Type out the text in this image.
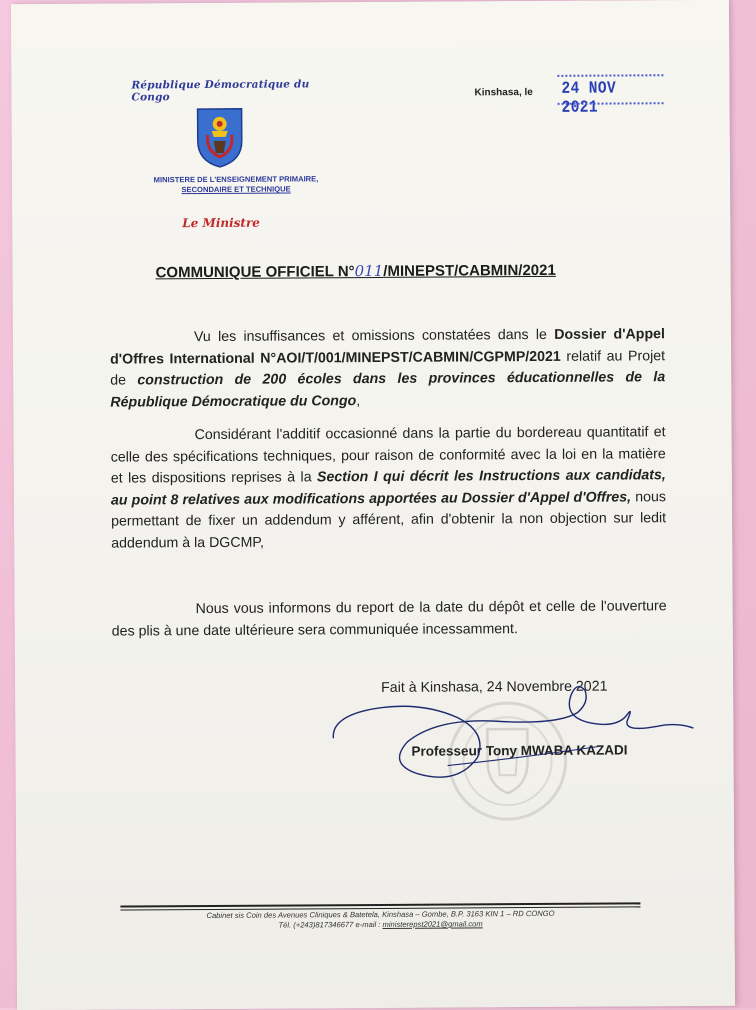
République Démocratique du Congo
MINISTERE DE L'ENSEIGNEMENT PRIMAIRE,
SECONDAIRE ET TECHNIQUE
Le Ministre
Kinshasa, le 24 NOV 2021
COMMUNIQUE OFFICIEL N°011/MINEPST/CABMIN/2021
Vu les insuffisances et omissions constatées dans le Dossier d'Appel d'Offres International N°AOI/T/001/MINEPST/CABMIN/CGPMP/2021 relatif au Projet de construction de 200 écoles dans les provinces éducationnelles de la République Démocratique du Congo,
Considérant l'additif occasionné dans la partie du bordereau quantitatif et celle des spécifications techniques, pour raison de conformité avec la loi en la matière et les dispositions reprises à la Section I qui décrit les Instructions aux candidats, au point 8 relatives aux modifications apportées au Dossier d'Appel d'Offres, nous permettant de fixer un addendum y afférent, afin d'obtenir la non objection sur ledit addendum à la DGCMP,
Nous vous informons du report de la date du dépôt et celle de l'ouverture des plis à une date ultérieure sera communiquée incessamment.
Fait à Kinshasa, 24 Novembre 2021
Professeur Tony MWABA KAZADI
Cabinet sis Coin des Avenues Cliniques & Batetela, Kinshasa – Gombe, B.P. 3163 KIN 1 – RD CONGO
Tél. (+243)817346677 e-mail : ministerepst2021@gmail.com
